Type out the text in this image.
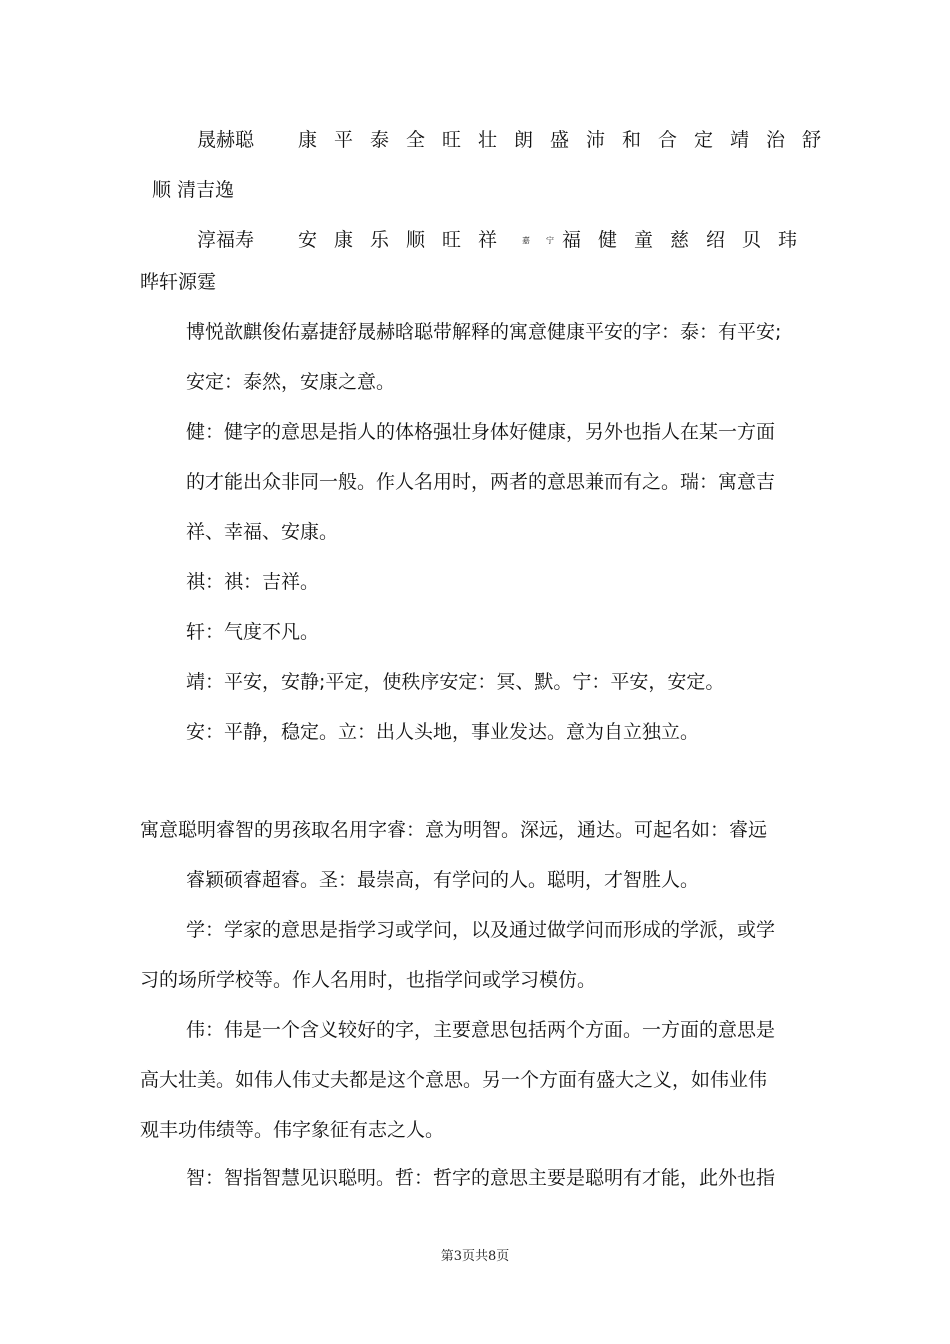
晟赫聪 康平泰全旺壮朗盛沛和合定靖治舒
顺 清吉逸
淳福寿 安康乐顺旺祥 嘉 宁 福健童慈绍贝玮
晔轩源霆
博悦歆麒俊佑嘉捷舒晟赫晗聪带解释的寓意健康平安的字：泰：有平安;
安定：泰然，安康之意。
健：健字的意思是指人的体格强壮身体好健康，另外也指人在某一方面
的才能出众非同一般。作人名用时，两者的意思兼而有之。瑞：寓意吉
祥、幸福、安康。
祺：祺：吉祥。
轩：气度不凡。
靖：平安，安静;平定，使秩序安定：冥、默。宁：平安，安定。
安：平静，稳定。立：出人头地，事业发达。意为自立独立。
寓意聪明睿智的男孩取名用字睿：意为明智。深远，通达。可起名如：睿远
睿颖硕睿超睿。圣：最崇高，有学问的人。聪明，才智胜人。
学：学家的意思是指学习或学问，以及通过做学问而形成的学派，或学
习的场所学校等。作人名用时，也指学问或学习模仿。
伟：伟是一个含义较好的字，主要意思包括两个方面。一方面的意思是
高大壮美。如伟人伟丈夫都是这个意思。另一个方面有盛大之义，如伟业伟
观丰功伟绩等。伟字象征有志之人。
智：智指智慧见识聪明。哲：哲字的意思主要是聪明有才能，此外也指
第3页共8页
